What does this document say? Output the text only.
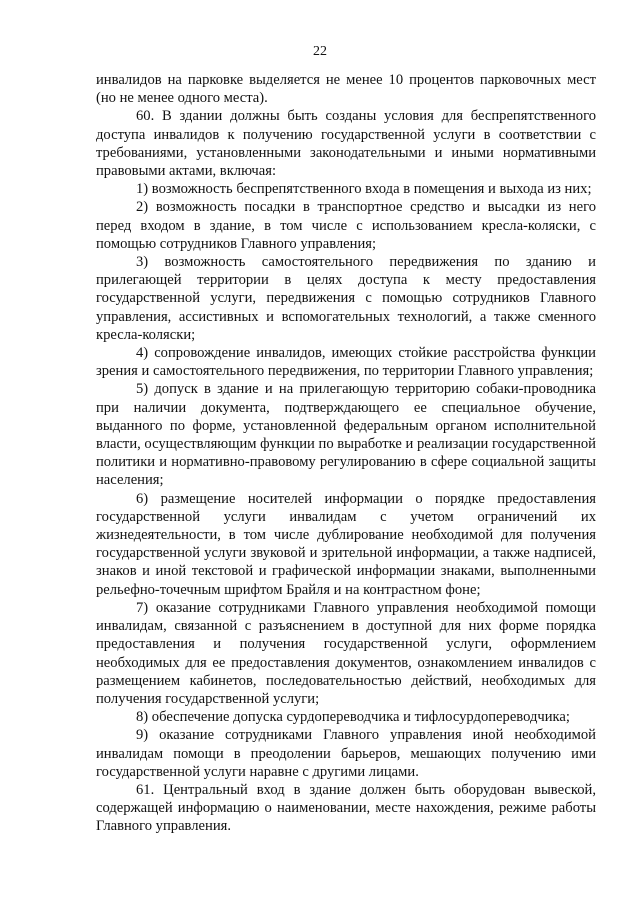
22

инвалидов на парковке выделяется не менее 10 процентов парковочных мест (но не менее одного места).

60. В здании должны быть созданы условия для беспрепятственного доступа инвалидов к получению государственной услуги в соответствии с требованиями, установленными законодательными и иными нормативными правовыми актами, включая:

1) возможность беспрепятственного входа в помещения и выхода из них;

2) возможность посадки в транспортное средство и высадки из него перед входом в здание, в том числе с использованием кресла-коляски, с помощью сотрудников Главного управления;

3) возможность самостоятельного передвижения по зданию и прилегающей территории в целях доступа к месту предоставления государственной услуги, передвижения с помощью сотрудников Главного управления, ассистивных и вспомогательных технологий, а также сменного кресла-коляски;

4) сопровождение инвалидов, имеющих стойкие расстройства функции зрения и самостоятельного передвижения, по территории Главного управления;

5) допуск в здание и на прилегающую территорию собаки-проводника при наличии документа, подтверждающего ее специальное обучение, выданного по форме, установленной федеральным органом исполнительной власти, осуществляющим функции по выработке и реализации государственной политики и нормативно-правовому регулированию в сфере социальной защиты населения;

6) размещение носителей информации о порядке предоставления государственной услуги инвалидам с учетом ограничений их жизнедеятельности, в том числе дублирование необходимой для получения государственной услуги звуковой и зрительной информации, а также надписей, знаков и иной текстовой и графической информации знаками, выполненными рельефно-точечным шрифтом Брайля и на контрастном фоне;

7) оказание сотрудниками Главного управления необходимой помощи инвалидам, связанной с разъяснением в доступной для них форме порядка предоставления и получения государственной услуги, оформлением необходимых для ее предоставления документов, ознакомлением инвалидов с размещением кабинетов, последовательностью действий, необходимых для получения государственной услуги;

8) обеспечение допуска сурдопереводчика и тифлосурдопереводчика;

9) оказание сотрудниками Главного управления иной необходимой инвалидам помощи в преодолении барьеров, мешающих получению ими государственной услуги наравне с другими лицами.

61. Центральный вход в здание должен быть оборудован вывеской, содержащей информацию о наименовании, месте нахождения, режиме работы Главного управления.
